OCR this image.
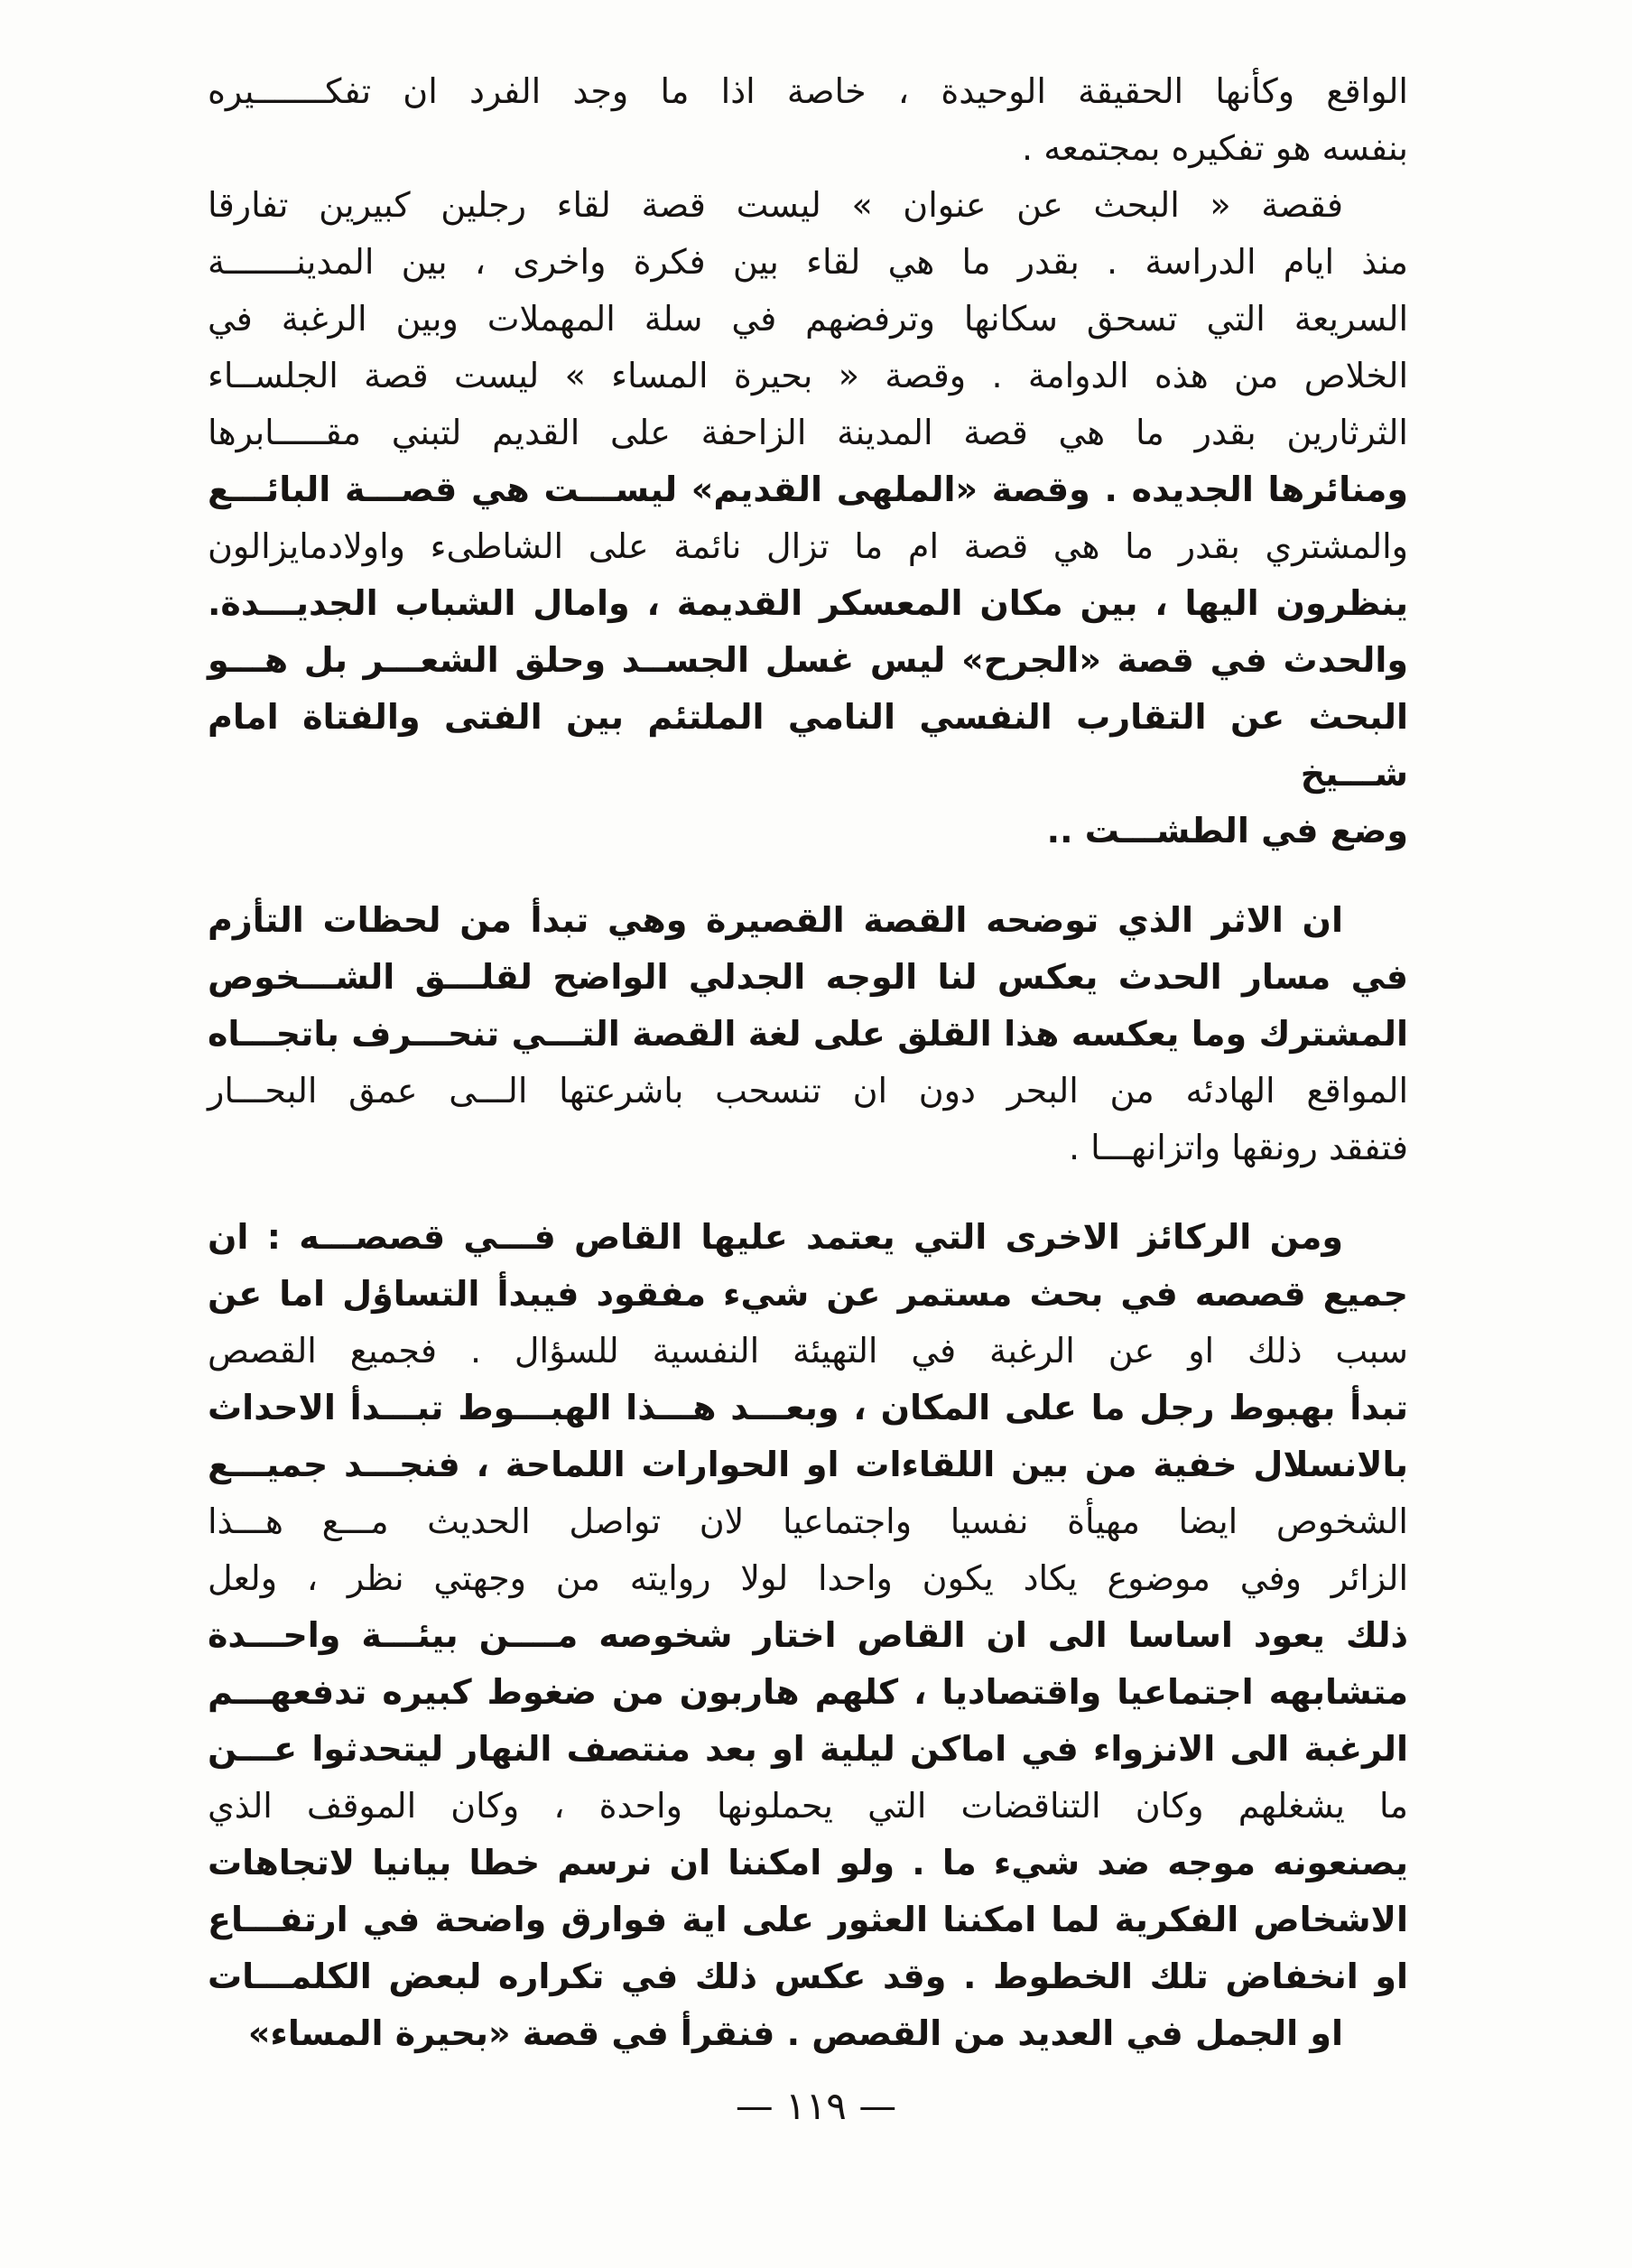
الواقع وكأنها الحقيقة الوحيدة ، خاصة اذا ما وجد الفرد ان تفكـــــــيره
بنفسه هو تفكيره بمجتمعه .
فقصة « البحث عن عنوان » ليست قصة لقاء رجلين كبيرين تفارقا
منذ ايام الدراسة . بقدر ما هي لقاء بين فكرة واخرى ، بين المدينـــــــة
السريعة التي تسحق سكانها وترفضهم في سلة المهملات وبين الرغبة في
الخلاص من هذه الدوامة . وقصة « بحيرة المساء » ليست قصة الجلســاء
الثرثارين بقدر ما هي قصة المدينة الزاحفة على القديم لتبني مقـــــابرها
ومنائرها الجديده . وقصة «الملهى القديم» ليســـت هي قصـــة البائـــع
والمشتري بقدر ما هي قصة ام ما تزال نائمة على الشاطىء واولادمايزالون
ينظرون اليها ، بين مكان المعسكر القديمة ، وامال الشباب الجديـــدة.
والحدث في قصة «الجرح» ليس غسل الجســد وحلق الشعـــر بل هـــو
البحث عن التقارب النفسي النامي الملتئم بين الفتى والفتاة امام شـــيخ
وضع في الطشـــت ..
ان الاثر الذي توضحه القصة القصيرة وهي تبدأ من لحظات التأزم
في مسار الحدث يعكس لنا الوجه الجدلي الواضح لقلـــق الشـــخوص
المشترك وما يعكسه هذا القلق على لغة القصة التـــي تنحـــرف باتجـــاه
المواقع الهادئه من البحر دون ان تنسحب باشرعتها الـــى عمق البحـــار
فتفقد رونقها واتزانهـــا .
ومن الركائز الاخرى التي يعتمد عليها القاص فـــي قصصـــه : ان
جميع قصصه في بحث مستمر عن شيء مفقود فيبدأ التساؤل اما عن
سبب ذلك او عن الرغبة في التهيئة النفسية للسؤال . فجميع القصص
تبدأ بهبوط رجل ما على المكان ، وبعـــد هـــذا الهبـــوط تبـــدأ الاحداث
بالانسلال خفية من بين اللقاءات او الحوارات اللماحة ، فنجـــد جميـــع
الشخوص ايضا مهيأة نفسيا واجتماعيا لان تواصل الحديث مـــع هـــذا
الزائر وفي موضوع يكاد يكون واحدا لولا روايته من وجهتي نظر ، ولعل
ذلك يعود اساسا الى ان القاص اختار شخوصه مــــن بيئـــة واحـــدة
متشابهه اجتماعيا واقتصاديا ، كلهم هاربون من ضغوط كبيره تدفعهـــم
الرغبة الى الانزواء في اماكن ليلية او بعد منتصف النهار ليتحدثوا عـــن
ما يشغلهم وكان التناقضات التي يحملونها واحدة ، وكان الموقف الذي
يصنعونه موجه ضد شيء ما . ولو امكننا ان نرسم خطا بيانيا لاتجاهات
الاشخاص الفكرية لما امكننا العثور على اية فوارق واضحة في ارتفـــاع
او انخفاض تلك الخطوط . وقد عكس ذلك في تكراره لبعض الكلمـــات
او الجمل في العديد من القصص . فنقرأ في قصة «بحيرة المساء»
— ١١٩ —
